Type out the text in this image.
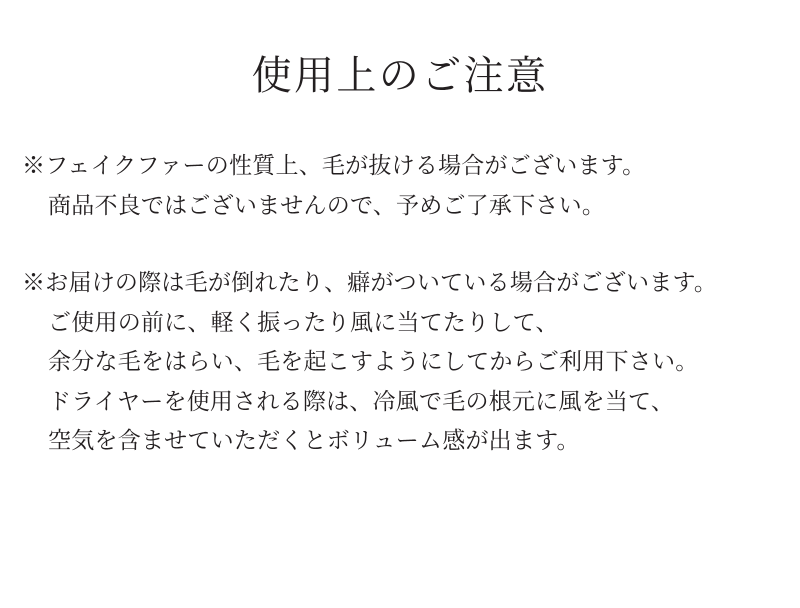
使用上のご注意

※フェイクファーの性質上、毛が抜ける場合がございます。

商品不良ではございませんので、予めご了承下さい。

※お届けの際は毛が倒れたり、癖がついている場合がございます。

ご使用の前に、軽く振ったり風に当てたりして、

余分な毛をはらい、毛を起こすようにしてからご利用下さい。

ドライヤーを使用される際は、冷風で毛の根元に風を当て、

空気を含ませていただくとボリューム感が出ます。
